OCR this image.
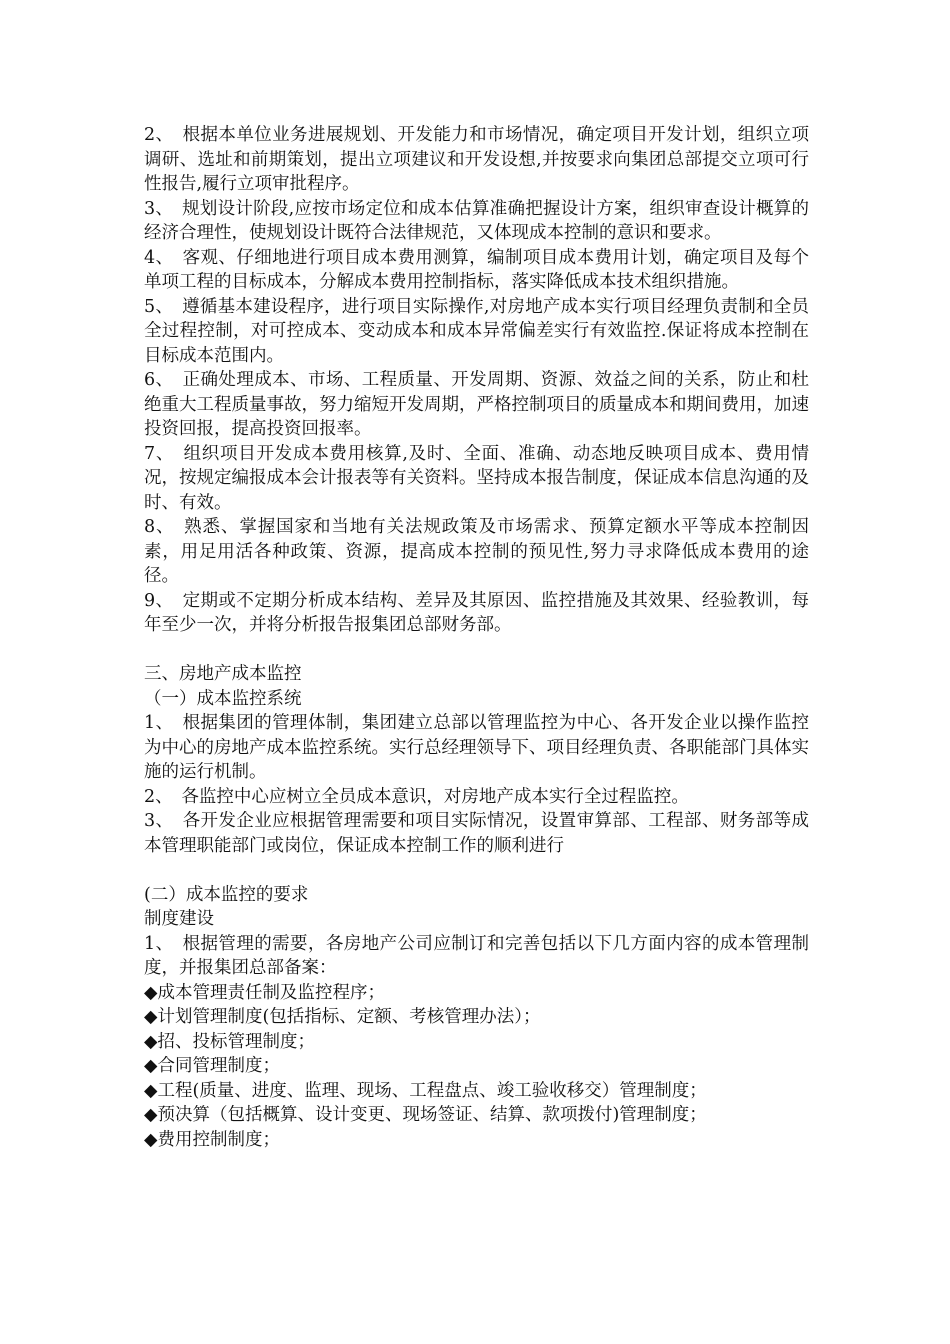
2、　根据本单位业务进展规划、开发能力和市场情况，确定项目开发计划，组织立项调研、选址和前期策划，提出立项建议和开发设想,并按要求向集团总部提交立项可行性报告,履行立项审批程序。

3、　规划设计阶段,应按市场定位和成本估算准确把握设计方案，组织审查设计概算的经济合理性，使规划设计既符合法律规范，又体现成本控制的意识和要求。

4、　客观、仔细地进行项目成本费用测算，编制项目成本费用计划，确定项目及每个单项工程的目标成本，分解成本费用控制指标，落实降低成本技术组织措施。

5、　遵循基本建设程序，进行项目实际操作,对房地产成本实行项目经理负责制和全员全过程控制，对可控成本、变动成本和成本异常偏差实行有效监控.保证将成本控制在目标成本范围内。

6、　正确处理成本、市场、工程质量、开发周期、资源、效益之间的关系，防止和杜绝重大工程质量事故，努力缩短开发周期，严格控制项目的质量成本和期间费用，加速投资回报，提高投资回报率。

7、　组织项目开发成本费用核算,及时、全面、准确、动态地反映项目成本、费用情况，按规定编报成本会计报表等有关资料。坚持成本报告制度，保证成本信息沟通的及时、有效。

8、　熟悉、掌握国家和当地有关法规政策及市场需求、预算定额水平等成本控制因素，用足用活各种政策、资源，提高成本控制的预见性,努力寻求降低成本费用的途径。

9、　定期或不定期分析成本结构、差异及其原因、监控措施及其效果、经验教训，每年至少一次，并将分析报告报集团总部财务部。

三、房地产成本监控

（一）成本监控系统

1、　根据集团的管理体制，集团建立总部以管理监控为中心、各开发企业以操作监控为中心的房地产成本监控系统。实行总经理领导下、项目经理负责、各职能部门具体实施的运行机制。

2、　各监控中心应树立全员成本意识，对房地产成本实行全过程监控。

3、　各开发企业应根据管理需要和项目实际情况，设置审算部、工程部、财务部等成本管理职能部门或岗位，保证成本控制工作的顺利进行

(二）成本监控的要求

制度建设

1、　根据管理的需要，各房地产公司应制订和完善包括以下几方面内容的成本管理制度，并报集团总部备案：

◆成本管理责任制及监控程序；

◆计划管理制度(包括指标、定额、考核管理办法）；

◆招、投标管理制度；

◆合同管理制度；

◆工程(质量、进度、监理、现场、工程盘点、竣工验收移交）管理制度；

◆预决算（包括概算、设计变更、现场签证、结算、款项拨付)管理制度；

◆费用控制制度；
